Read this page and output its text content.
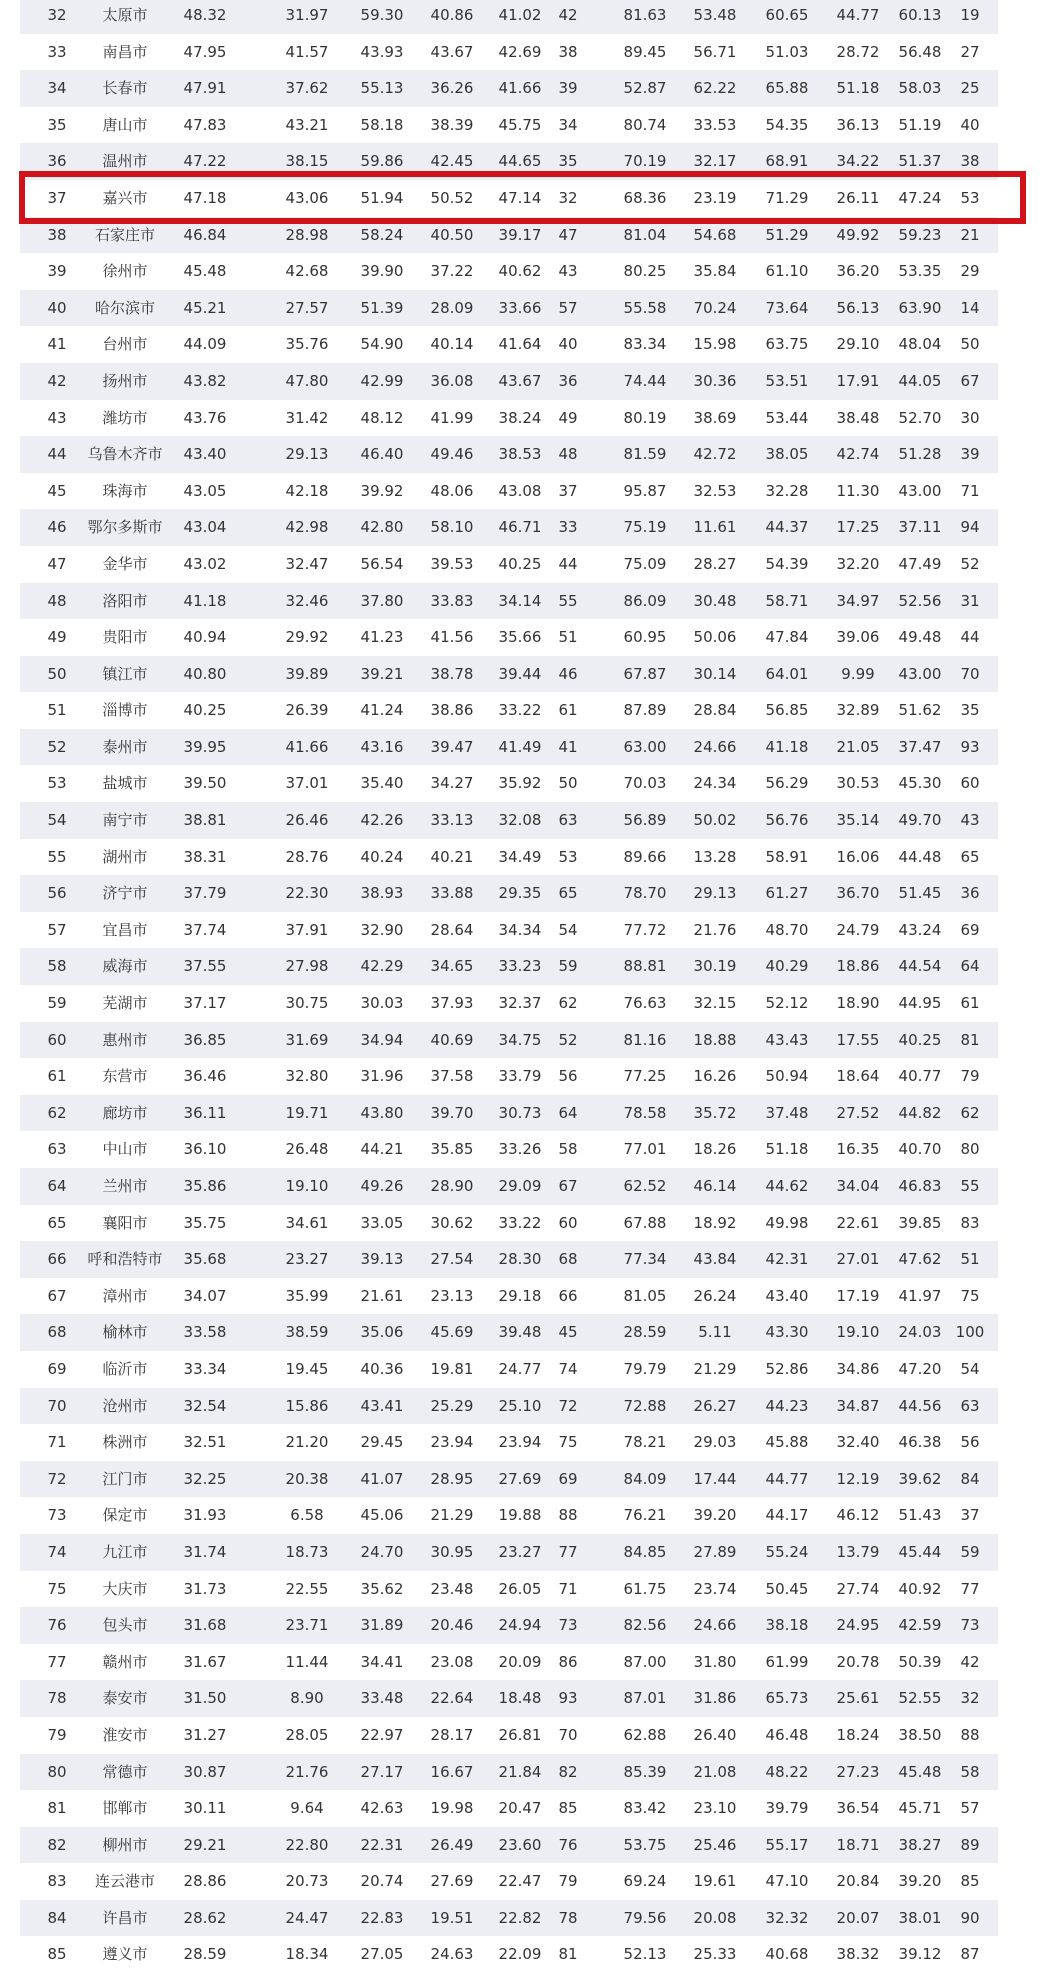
32 太原市 48.32	31.97 59.30 40.86 41.02 42	81.63 53.48 60.65 44.77 60.13 19
33 南昌市 47.95	41.57 43.93 43.67 42.69 38	89.45 56.71 51.03 28.72 56.48 27
34 长春市 47.91	37.62 55.13 36.26 41.66 39	52.87 62.22 65.88 51.18 58.03 25
35 唐山市 47.83	43.21 58.18 38.39 45.75 34	80.74 33.53 54.35 36.13 51.19 40
36 温州市 47.22	38.15 59.86 42.45 44.65 35	70.19 32.17 68.91 34.22 51.37 38
37 嘉兴市 47.18	43.06 51.94 50.52 47.14 32	68.36 23.19 71.29 26.11 47.24 53
38 石家庄市 46.84	28.98 58.24 40.50 39.17 47	81.04 54.68 51.29 49.92 59.23 21
39 徐州市 45.48	42.68 39.90 37.22 40.62 43	80.25 35.84 61.10 36.20 53.35 29
40 哈尔滨市 45.21	27.57 51.39 28.09 33.66 57	55.58 70.24 73.64 56.13 63.90 14
41 台州市 44.09	35.76 54.90 40.14 41.64 40	83.34 15.98 63.75 29.10 48.04 50
42 扬州市 43.82	47.80 42.99 36.08 43.67 36	74.44 30.36 53.51 17.91 44.05 67
43 潍坊市 43.76	31.42 48.12 41.99 38.24 49	80.19 38.69 53.44 38.48 52.70 30
44 乌鲁木齐市 43.40	29.13 46.40 49.46 38.53 48	81.59 42.72 38.05 42.74 51.28 39
45 珠海市 43.05	42.18 39.92 48.06 43.08 37	95.87 32.53 32.28 11.30 43.00 71
46 鄂尔多斯市 43.04	42.98 42.80 58.10 46.71 33	75.19 11.61 44.37 17.25 37.11 94
47 金华市 43.02	32.47 56.54 39.53 40.25 44	75.09 28.27 54.39 32.20 47.49 52
48 洛阳市 41.18	32.46 37.80 33.83 34.14 55	86.09 30.48 58.71 34.97 52.56 31
49 贵阳市 40.94	29.92 41.23 41.56 35.66 51	60.95 50.06 47.84 39.06 49.48 44
50 镇江市 40.80	39.89 39.21 38.78 39.44 46	67.87 30.14 64.01 9.99 43.00 70
51 淄博市 40.25	26.39 41.24 38.86 33.22 61	87.89 28.84 56.85 32.89 51.62 35
52 泰州市 39.95	41.66 43.16 39.47 41.49 41	63.00 24.66 41.18 21.05 37.47 93
53 盐城市 39.50	37.01 35.40 34.27 35.92 50	70.03 24.34 56.29 30.53 45.30 60
54 南宁市 38.81	26.46 42.26 33.13 32.08 63	56.89 50.02 56.76 35.14 49.70 43
55 湖州市 38.31	28.76 40.24 40.21 34.49 53	89.66 13.28 58.91 16.06 44.48 65
56 济宁市 37.79	22.30 38.93 33.88 29.35 65	78.70 29.13 61.27 36.70 51.45 36
57 宜昌市 37.74	37.91 32.90 28.64 34.34 54	77.72 21.76 48.70 24.79 43.24 69
58 威海市 37.55	27.98 42.29 34.65 33.23 59	88.81 30.19 40.29 18.86 44.54 64
59 芜湖市 37.17	30.75 30.03 37.93 32.37 62	76.63 32.15 52.12 18.90 44.95 61
60 惠州市 36.85	31.69 34.94 40.69 34.75 52	81.16 18.88 43.43 17.55 40.25 81
61 东营市 36.46	32.80 31.96 37.58 33.79 56	77.25 16.26 50.94 18.64 40.77 79
62 廊坊市 36.11	19.71 43.80 39.70 30.73 64	78.58 35.72 37.48 27.52 44.82 62
63 中山市 36.10	26.48 44.21 35.85 33.26 58	77.01 18.26 51.18 16.35 40.70 80
64 兰州市 35.86	19.10 49.26 28.90 29.09 67	62.52 46.14 44.62 34.04 46.83 55
65 襄阳市 35.75	34.61 33.05 30.62 33.22 60	67.88 18.92 49.98 22.61 39.85 83
66 呼和浩特市 35.68	23.27 39.13 27.54 28.30 68	77.34 43.84 42.31 27.01 47.62 51
67 漳州市 34.07	35.99 21.61 23.13 29.18 66	81.05 26.24 43.40 17.19 41.97 75
68 榆林市 33.58	38.59 35.06 45.69 39.48 45	28.59 5.11 43.30 19.10 24.03 100
69 临沂市 33.34	19.45 40.36 19.81 24.77 74	79.79 21.29 52.86 34.86 47.20 54
70 沧州市 32.54	15.86 43.41 25.29 25.10 72	72.88 26.27 44.23 34.87 44.56 63
71 株洲市 32.51	21.20 29.45 23.94 23.94 75	78.21 29.03 45.88 32.40 46.38 56
72 江门市 32.25	20.38 41.07 28.95 27.69 69	84.09 17.44 44.77 12.19 39.62 84
73 保定市 31.93	6.58 45.06 21.29 19.88 88	76.21 39.20 44.17 46.12 51.43 37
74 九江市 31.74	18.73 24.70 30.95 23.27 77	84.85 27.89 55.24 13.79 45.44 59
75 大庆市 31.73	22.55 35.62 23.48 26.05 71	61.75 23.74 50.45 27.74 40.92 77
76 包头市 31.68	23.71 31.89 20.46 24.94 73	82.56 24.66 38.18 24.95 42.59 73
77 赣州市 31.67	11.44 34.41 23.08 20.09 86	87.00 31.80 61.99 20.78 50.39 42
78 泰安市 31.50	8.90 33.48 22.64 18.48 93	87.01 31.86 65.73 25.61 52.55 32
79 淮安市 31.27	28.05 22.97 28.17 26.81 70	62.88 26.40 46.48 18.24 38.50 88
80 常德市 30.87	21.76 27.17 16.67 21.84 82	85.39 21.08 48.22 27.23 45.48 58
81 邯郸市 30.11	9.64 42.63 19.98 20.47 85	83.42 23.10 39.79 36.54 45.71 57
82 柳州市 29.21	22.80 22.31 26.49 23.60 76	53.75 25.46 55.17 18.71 38.27 89
83 连云港市 28.86	20.73 20.74 27.69 22.47 79	69.24 19.61 47.10 20.84 39.20 85
84 许昌市 28.62	24.47 22.83 19.51 22.82 78	79.56 20.08 32.32 20.07 38.01 90
85 遵义市 28.59	18.34 27.05 24.63 22.09 81	52.13 25.33 40.68 38.32 39.12 87
